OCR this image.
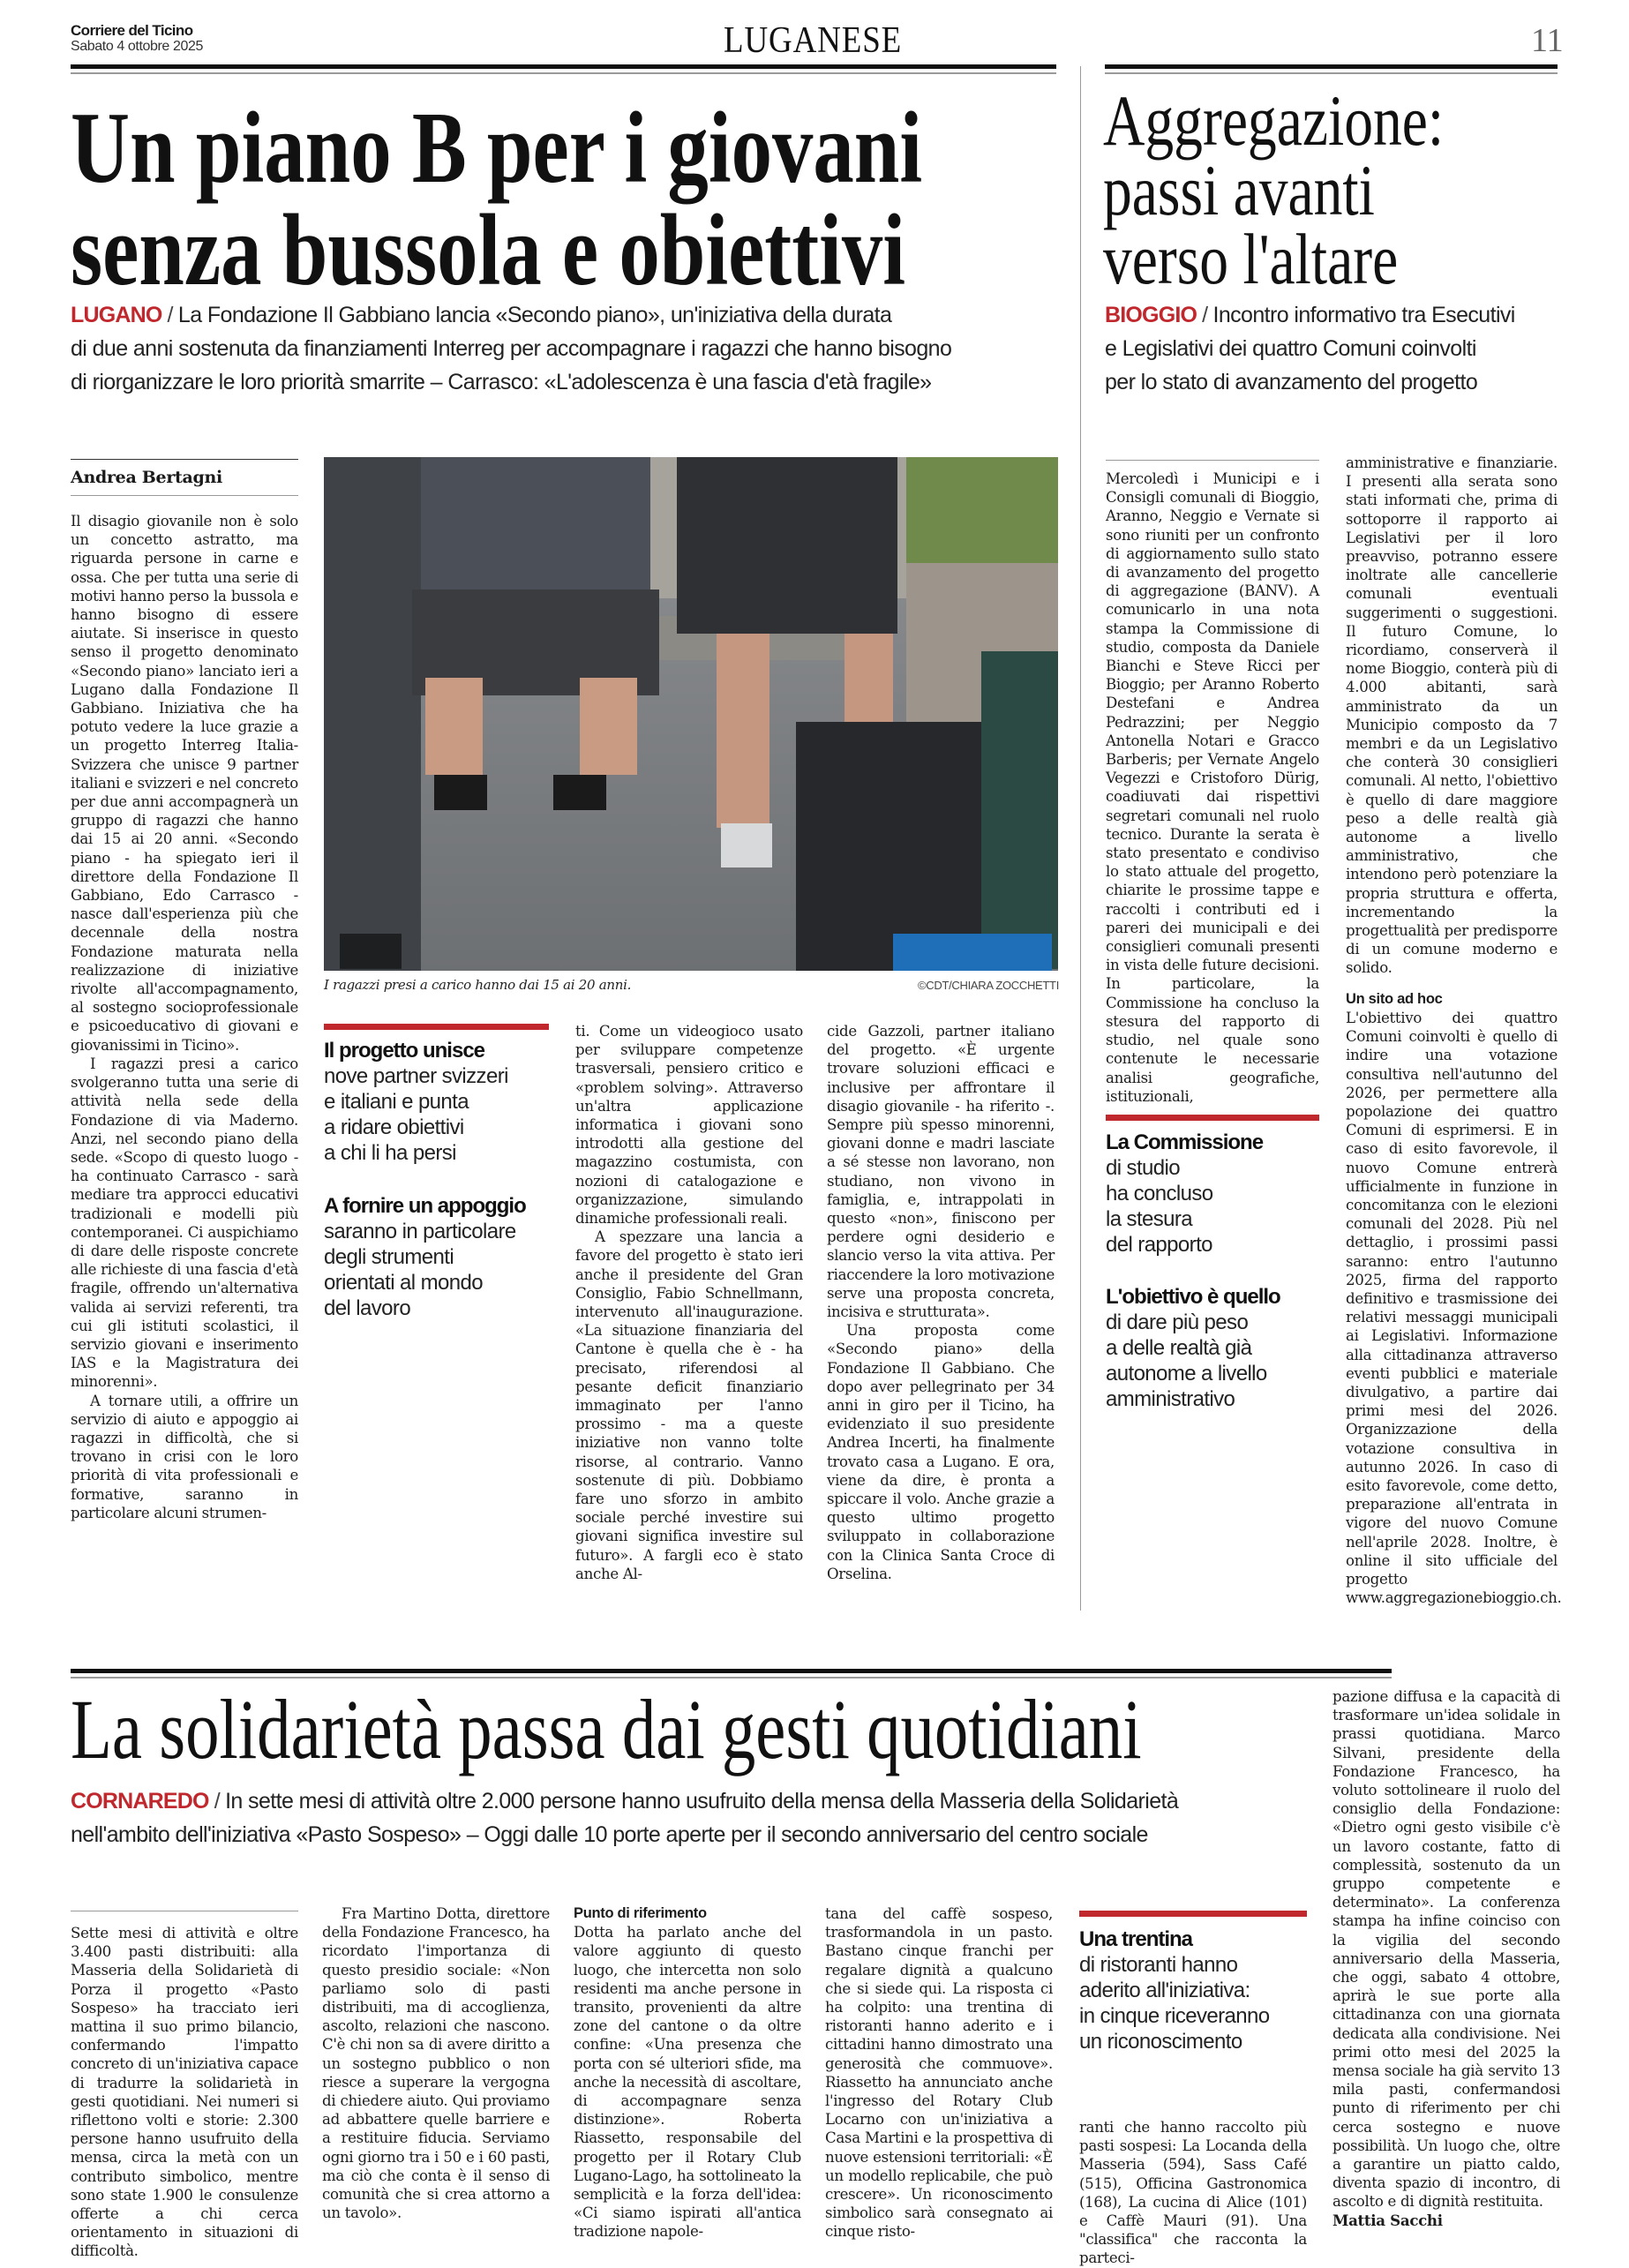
Corriere del Ticino
Sabato 4 ottobre 2025	LUGANESE	11
Un piano B per i giovani
senza bussola e obiettivi
LUGANO / La Fondazione Il Gabbiano lancia «Secondo piano», un'iniziativa della durata
di due anni sostenuta da finanziamenti Interreg per accompagnare i ragazzi che hanno bisogno
di riorganizzare le loro priorità smarrite – Carrasco: «L'adolescenza è una fascia d'età fragile»
Andrea Bertagni

Il disagio giovanile non è solo un concetto astratto, ma riguarda persone in carne e ossa. Che per tutta una serie di motivi hanno perso la bussola e hanno bisogno di essere aiutate. Si inserisce in questo senso il progetto denominato «Secondo piano» lanciato ieri a Lugano dalla Fondazione Il Gabbiano. Iniziativa che ha potuto vedere la luce grazie a un progetto Interreg Italia-Svizzera che unisce 9 partner italiani e svizzeri e nel concreto per due anni accompagnerà un gruppo di ragazzi che hanno dai 15 ai 20 anni. «Secondo piano - ha spiegato ieri il direttore della Fondazione Il Gabbiano, Edo Carrasco - nasce dall'esperienza più che decennale della nostra Fondazione maturata nella realizzazione di iniziative rivolte all'accompagnamento, al sostegno socioprofessionale e psicoeducativo di giovani e giovanissimi in Ticino».

I ragazzi presi a carico svolgeranno tutta una serie di attività nella sede della Fondazione di via Maderno. Anzi, nel secondo piano della sede. «Scopo di questo luogo - ha continuato Carrasco - sarà mediare tra approcci educativi tradizionali e modelli più contemporanei. Ci auspichiamo di dare delle risposte concrete alle richieste di una fascia d'età fragile, offrendo un'alternativa valida ai servizi referenti, tra cui gli istituti scolastici, il servizio giovani e inserimento IAS e la Magistratura dei minorenni».

A tornare utili, a offrire un servizio di aiuto e appoggio ai ragazzi in difficoltà, che si trovano in crisi con le loro priorità di vita professionali e formative, saranno in particolare alcuni strumen-

I ragazzi presi a carico hanno dai 15 ai 20 anni.	©CDT/CHIARA ZOCCHETTI
Il progetto unisce
nove partner svizzeri
e italiani e punta
a ridare obiettivi
a chi li ha persi
A fornire un appoggio
saranno in particolare
degli strumenti
orientati al mondo
del lavoro

ti. Come un videogioco usato per sviluppare competenze trasversali, pensiero critico e «problem solving». Attraverso un'altra applicazione informatica i giovani sono introdotti alla gestione del magazzino costumista, con nozioni di catalogazione e organizzazione, simulando dinamiche professionali reali.

A spezzare una lancia a favore del progetto è stato ieri anche il presidente del Gran Consiglio, Fabio Schnellmann, intervenuto all'inaugurazione. «La situazione finanziaria del Cantone è quella che è - ha precisato, riferendosi al pesante deficit finanziario immaginato per l'anno prossimo - ma a queste iniziative non vanno tolte risorse, al contrario. Vanno sostenute di più. Dobbiamo fare uno sforzo in ambito sociale perché investire sui giovani significa investire sul futuro». A fargli eco è stato anche Al-

cide Gazzoli, partner italiano del progetto. «È urgente trovare soluzioni efficaci e inclusive per affrontare il disagio giovanile - ha riferito -. Sempre più spesso minorenni, giovani donne e madri lasciate a sé stesse non lavorano, non studiano, non vivono in famiglia, e, intrappolati in questo «non», finiscono per perdere ogni desiderio e slancio verso la vita attiva. Per riaccendere la loro motivazione serve una proposta concreta, incisiva e strutturata».

Una proposta come «Secondo piano» della Fondazione Il Gabbiano. Che dopo aver pellegrinato per 34 anni in giro per il Ticino, ha evidenziato il suo presidente Andrea Incerti, ha finalmente trovato casa a Lugano. E ora, viene da dire, è pronta a spiccare il volo. Anche grazie a questo ultimo progetto sviluppato in collaborazione con la Clinica Santa Croce di Orselina.

Aggregazione:
passi avanti
verso l'altare
BIOGGIO / Incontro informativo tra Esecutivi
e Legislativi dei quattro Comuni coinvolti
per lo stato di avanzamento del progetto

Mercoledì i Municipi e i Consigli comunali di Bioggio, Aranno, Neggio e Vernate si sono riuniti per un confronto di aggiornamento sullo stato di avanzamento del progetto di aggregazione (BANV). A comunicarlo in una nota stampa la Commissione di studio, composta da Daniele Bianchi e Steve Ricci per Bioggio; per Aranno Roberto Destefani e Andrea Pedrazzini; per Neggio Antonella Notari e Gracco Barberis; per Vernate Angelo Vegezzi e Cristoforo Dürig, coadiuvati dai rispettivi segretari comunali nel ruolo tecnico. Durante la serata è stato presentato e condiviso lo stato attuale del progetto, chiarite le prossime tappe e raccolti i contributi ed i pareri dei municipali e dei consiglieri comunali presenti in vista delle future decisioni. In particolare, la Commissione ha concluso la stesura del rapporto di studio, nel quale sono contenute le necessarie analisi geografiche, istituzionali,

La Commissione
di studio
ha concluso
la stesura
del rapporto
L'obiettivo è quello
di dare più peso
a delle realtà già
autonome a livello
amministrativo

amministrative e finanziarie. I presenti alla serata sono stati informati che, prima di sottoporre il rapporto ai Legislativi per il loro preavviso, potranno essere inoltrate alle cancellerie comunali eventuali suggerimenti o suggestioni. Il futuro Comune, lo ricordiamo, conserverà il nome Bioggio, conterà più di 4.000 abitanti, sarà amministrato da un Municipio composto da 7 membri e da un Legislativo che conterà 30 consiglieri comunali. Al netto, l'obiettivo è quello di dare maggiore peso a delle realtà già autonome a livello amministrativo, che intendono però potenziare la propria struttura e offerta, incrementando la progettualità per predisporre di un comune moderno e solido.

Un sito ad hoc

L'obiettivo dei quattro Comuni coinvolti è quello di indire una votazione consultiva nell'autunno del 2026, per permettere alla popolazione dei quattro Comuni di esprimersi. E in caso di esito favorevole, il nuovo Comune entrerà ufficialmente in funzione in concomitanza con le elezioni comunali del 2028. Più nel dettaglio, i prossimi passi saranno: entro l'autunno 2025, firma del rapporto definitivo e trasmissione dei relativi messaggi municipali ai Legislativi. Informazione alla cittadinanza attraverso eventi pubblici e materiale divulgativo, a partire dai primi mesi del 2026. Organizzazione della votazione consultiva in autunno 2026. In caso di esito favorevole, come detto, preparazione all'entrata in vigore del nuovo Comune nell'aprile 2028. Inoltre, è online il sito ufficiale del progetto www.aggregazionebioggio.ch.

La solidarietà passa dai gesti quotidiani
CORNAREDO / In sette mesi di attività oltre 2.000 persone hanno usufruito della mensa della Masseria della Solidarietà
nell'ambito dell'iniziativa «Pasto Sospeso» – Oggi dalle 10 porte aperte per il secondo anniversario del centro sociale

Sette mesi di attività e oltre 3.400 pasti distribuiti: alla Masseria della Solidarietà di Porza il progetto «Pasto Sospeso» ha tracciato ieri mattina il suo primo bilancio, confermando l'impatto concreto di un'iniziativa capace di tradurre la solidarietà in gesti quotidiani. Nei numeri si riflettono volti e storie: 2.300 persone hanno usufruito della mensa, circa la metà con un contributo simbolico, mentre sono state 1.900 le consulenze offerte a chi cerca orientamento in situazioni di difficoltà.

Fra Martino Dotta, direttore della Fondazione Francesco, ha ricordato l'importanza di questo presidio sociale: «Non parliamo solo di pasti distribuiti, ma di accoglienza, ascolto, relazioni che nascono. C'è chi non sa di avere diritto a un sostegno pubblico o non riesce a superare la vergogna di chiedere aiuto. Qui proviamo ad abbattere quelle barriere e a restituire fiducia. Serviamo ogni giorno tra i 50 e i 60 pasti, ma ciò che conta è il senso di comunità che si crea attorno a un tavolo».

Punto di riferimento

Dotta ha parlato anche del valore aggiunto di questo luogo, che intercetta non solo residenti ma anche persone in transito, provenienti da altre zone del cantone o da oltre confine: «Una presenza che porta con sé ulteriori sfide, ma anche la necessità di ascoltare, di accompagnare senza distinzione». Roberta Riassetto, responsabile del progetto per il Rotary Club Lugano-Lago, ha sottolineato la semplicità e la forza dell'idea: «Ci siamo ispirati all'antica tradizione napole-

tana del caffè sospeso, trasformandola in un pasto. Bastano cinque franchi per regalare dignità a qualcuno che si siede qui. La risposta ci ha colpito: una trentina di ristoranti hanno aderito e i cittadini hanno dimostrato una generosità che commuove». Riassetto ha annunciato anche l'ingresso del Rotary Club Locarno con un'iniziativa a Casa Martini e la prospettiva di nuove estensioni territoriali: «È un modello replicabile, che può crescere». Un riconoscimento simbolico sarà consegnato ai cinque risto-

Una trentina
di ristoranti hanno
aderito all'iniziativa:
in cinque riceveranno
un riconoscimento

ranti che hanno raccolto più pasti sospesi: La Locanda della Masseria (594), Sass Café (515), Officina Gastronomica (168), La cucina di Alice (101) e Caffè Mauri (91). Una "classifica" che racconta la parteci-

pazione diffusa e la capacità di trasformare un'idea solidale in prassi quotidiana. Marco Silvani, presidente della Fondazione Francesco, ha voluto sottolineare il ruolo del consiglio della Fondazione: «Dietro ogni gesto visibile c'è un lavoro costante, fatto di complessità, sostenuto da un gruppo competente e determinato». La conferenza stampa ha infine coinciso con la vigilia del secondo anniversario della Masseria, che oggi, sabato 4 ottobre, aprirà le sue porte alla cittadinanza con una giornata dedicata alla condivisione. Nei primi otto mesi del 2025 la mensa sociale ha già servito 13 mila pasti, confermandosi punto di riferimento per chi cerca sostegno e nuove possibilità. Un luogo che, oltre a garantire un piatto caldo, diventa spazio di incontro, di ascolto e di dignità restituita.

Mattia Sacchi
